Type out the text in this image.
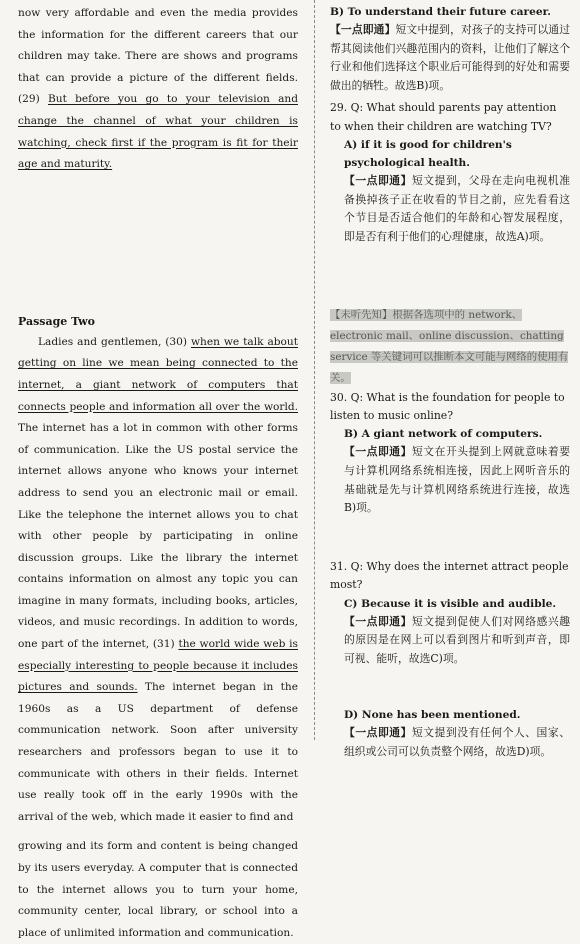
now very affordable and even the media provides the information for the different careers that our children may take. There are shows and programs that can provide a picture of the different fields. (29) But before you go to your television and change the channel of what your children is watching, check first if the program is fit for their age and maturity.

Passage Two

Ladies and gentlemen, (30) when we talk about getting on line we mean being connected to the internet, a giant network of computers that connects people and information all over the world. The internet has a lot in common with other forms of communication. Like the US postal service the internet allows anyone who knows your internet address to send you an electronic mail or email. Like the telephone the internet allows you to chat with other people by participating in online discussion groups. Like the library the internet contains information on almost any topic you can imagine in many formats, including books, articles, videos, and music recordings. In addition to words, one part of the internet, (31) the world wide web is especially interesting to people because it includes pictures and sounds. The internet began in the 1960s as a US department of defense communication network. Soon after university researchers and professors began to use it to communicate with others in their fields. Internet use really took off in the early 1990s with the arrival of the web, which made it easier to find and

growing and its form and content is being changed by its users everyday. A computer that is connected to the internet allows you to turn your home, community center, local library, or school into a place of unlimited information and communication.

B) To understand their future career.

【一点即通】短文中提到，对孩子的支持可以通过帮其阅读他们兴趣范围内的资料，让他们了解这个行业和他们选择这个职业后可能得到的好处和需要做出的牺牲。故选B)项。

29. Q: What should parents pay attention to when their children are watching TV?

A) if it is good for children's psychological health.

【一点即通】短文提到，父母在走向电视机准备换掉孩子正在收看的节目之前，应先看看这个节目是否适合他们的年龄和心智发展程度，即是否有利于他们的心理健康，故选A)项。

【未听先知】根据各选项中的 network、electronic mail、online discussion、chatting service 等关键词可以推断本文可能与网络的使用有关。

30. Q: What is the foundation for people to listen to music online?

B) A giant network of computers.

【一点即通】短文在开头提到上网就意味着要与计算机网络系统相连接，因此上网听音乐的基础就是先与计算机网络系统进行连接，故选B)项。

31. Q: Why does the internet attract people most?

C) Because it is visible and audible.

【一点即通】短文提到促使人们对网络感兴趣的原因是在网上可以看到图片和听到声音，即可视、能听，故选C)项。

D) None has been mentioned.

【一点即通】短文提到没有任何个人、国家、组织或公司可以负责整个网络，故选D)项。
